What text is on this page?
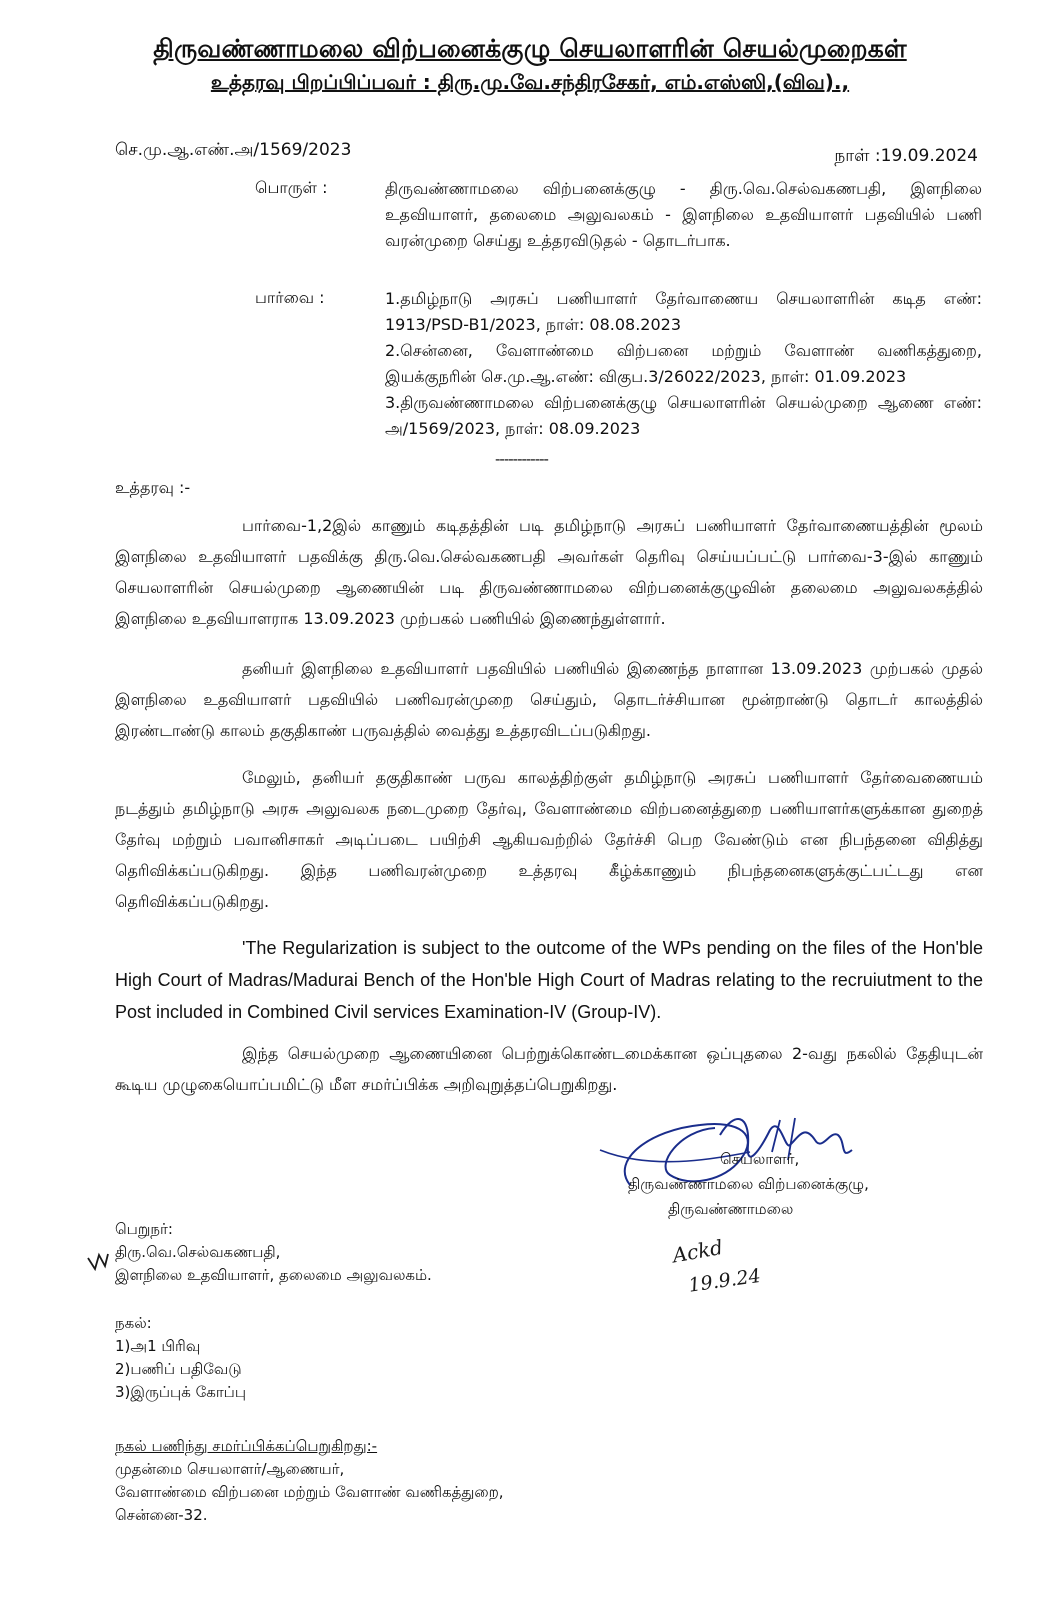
திருவண்ணாமலை விற்பனைக்குழு செயலாளரின் செயல்முறைகள்
உத்தரவு பிறப்பிப்பவர் : திரு.மு.வே.சந்திரசேகர், எம்.எஸ்ஸி,(விவ).,
செ.மு.ஆ.எண்.அ/1569/2023	நாள் :19.09.2024
பொருள் :	திருவண்ணாமலை விற்பனைக்குழு - திரு.வெ.செல்வகணபதி, இளநிலை உதவியாளர், தலைமை அலுவலகம் - இளநிலை உதவியாளர் பதவியில் பணி வரன்முறை செய்து உத்தரவிடுதல் - தொடர்பாக.
பார்வை :	1.தமிழ்நாடு அரசுப் பணியாளர் தேர்வாணைய செயலாளரின் கடித எண்: 1913/PSD-B1/2023, நாள்: 08.08.2023

2.சென்னை, வேளாண்மை விற்பனை மற்றும் வேளாண் வணிகத்துறை, இயக்குநரின் செ.மு.ஆ.எண்: விகுப.3/26022/2023, நாள்: 01.09.2023

3.திருவண்ணாமலை விற்பனைக்குழு செயலாளரின் செயல்முறை ஆணை எண்: அ/1569/2023, நாள்: 08.09.2023

------------
உத்தரவு :-

பார்வை-1,2இல் காணும் கடிதத்தின் படி தமிழ்நாடு அரசுப் பணியாளர் தேர்வாணையத்தின் மூலம் இளநிலை உதவியாளர் பதவிக்கு திரு.வெ.செல்வகணபதி அவர்கள் தெரிவு செய்யப்பட்டு பார்வை-3-இல் காணும் செயலாளரின் செயல்முறை ஆணையின் படி திருவண்ணாமலை விற்பனைக்குழுவின் தலைமை அலுவலகத்தில் இளநிலை உதவியாளராக 13.09.2023 முற்பகல் பணியில் இணைந்துள்ளார்.

தனியர் இளநிலை உதவியாளர் பதவியில் பணியில் இணைந்த நாளான 13.09.2023 முற்பகல் முதல் இளநிலை உதவியாளர் பதவியில் பணிவரன்முறை செய்தும், தொடர்ச்சியான மூன்றாண்டு தொடர் காலத்தில் இரண்டாண்டு காலம் தகுதிகாண் பருவத்தில் வைத்து உத்தரவிடப்படுகிறது.

மேலும், தனியர் தகுதிகாண் பருவ காலத்திற்குள் தமிழ்நாடு அரசுப் பணியாளர் தேர்வைணையம் நடத்தும் தமிழ்நாடு அரசு அலுவலக நடைமுறை தேர்வு, வேளாண்மை விற்பனைத்துறை பணியாளர்களுக்கான துறைத் தேர்வு மற்றும் பவானிசாகர் அடிப்படை பயிற்சி ஆகியவற்றில் தேர்ச்சி பெற வேண்டும் என நிபந்தனை விதித்து தெரிவிக்கப்படுகிறது. இந்த பணிவரன்முறை உத்தரவு கீழ்க்காணும் நிபந்தனைகளுக்குட்பட்டது என தெரிவிக்கப்படுகிறது.

'The Regularization is subject to the outcome of the WPs pending on the files of the Hon'ble High Court of Madras/Madurai Bench of the Hon'ble High Court of Madras relating to the recruiutment to the Post included in Combined Civil services Examination-IV (Group-IV).

இந்த செயல்முறை ஆணையினை பெற்றுக்கொண்டமைக்கான ஒப்புதலை 2-வது நகலில் தேதியுடன் கூடிய முழுகையொப்பமிட்டு மீள சமர்ப்பிக்க அறிவுறுத்தப்பெறுகிறது.

செயலாளர்,
திருவண்ணாமலை விற்பனைக்குழு,
திருவண்ணாமலை
Ackd
19.9.24
பெறுநர்:
திரு.வெ.செல்வகணபதி,
இளநிலை உதவியாளர், தலைமை அலுவலகம்.
நகல்:
1)அ1 பிரிவு
2)பணிப் பதிவேடு
3)இருப்புக் கோப்பு
நகல் பணிந்து சமர்ப்பிக்கப்பெறுகிறது:-
முதன்மை செயலாளர்/ஆணையர்,
வேளாண்மை விற்பனை மற்றும் வேளாண் வணிகத்துறை,
சென்னை-32.
